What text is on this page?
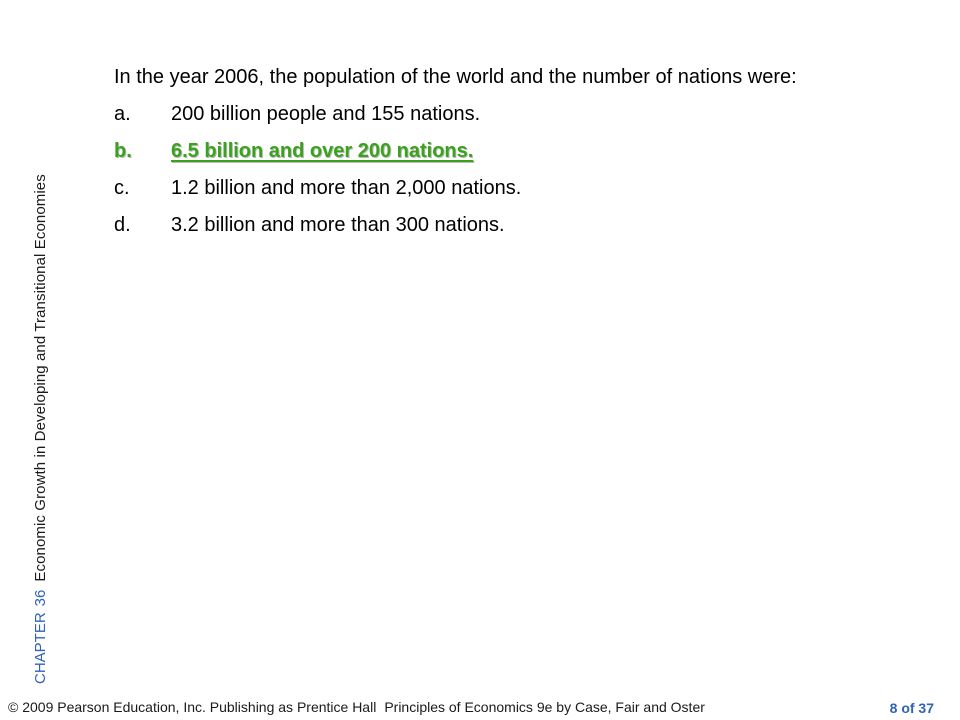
CHAPTER36Economic Growth in Developing and Transitional Economies

In the year 2006, the population of the world and the number of nations were:

a.	200 billion people and 155 nations.
b.	6.5 billion and over 200 nations.
c.	1.2 billion and more than 2,000 nations.
d.	3.2 billion and more than 300 nations.
© 2009 Pearson Education, Inc. Publishing as Prentice Hall Principles of Economics 9e by Case, Fair and Oster	8 of 37
